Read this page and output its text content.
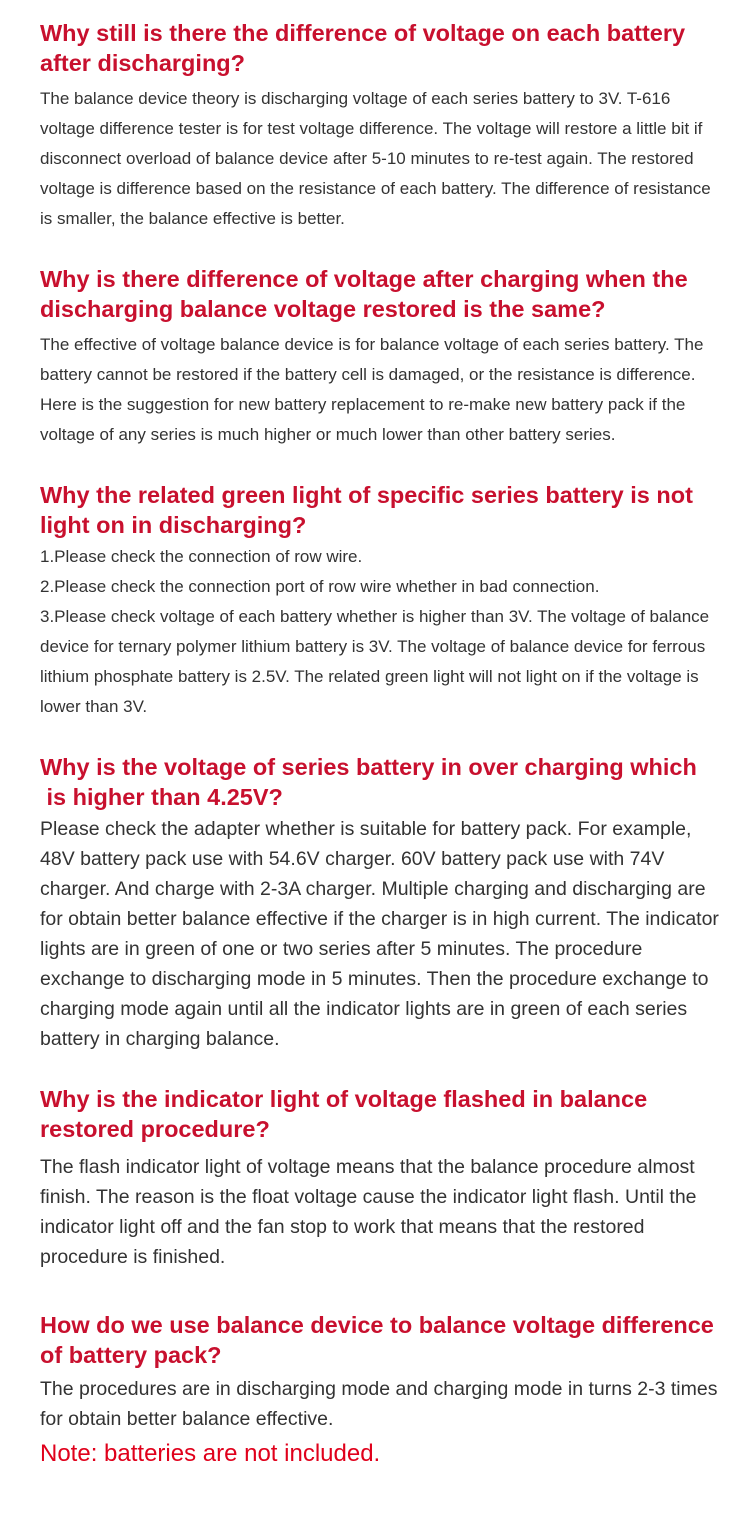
Why still is there the difference of voltage on each battery after discharging?

The balance device theory is discharging voltage of each series battery to 3V. T-616 voltage difference tester is for test voltage difference. The voltage will restore a little bit if disconnect overload of balance device after 5-10 minutes to re-test again. The restored voltage is difference based on the resistance of each battery. The difference of resistance is smaller, the balance effective is better.

Why is there difference of voltage after charging when the discharging balance voltage restored is the same?

The effective of voltage balance device is for balance voltage of each series battery. The battery cannot be restored if the battery cell is damaged, or the resistance is difference. Here is the suggestion for new battery replacement to re-make new battery pack if the voltage of any series is much higher or much lower than other battery series.

Why the related green light of specific series battery is not light on in discharging?
1.Please check the connection of row wire.
2.Please check the connection port of row wire whether in bad connection.
3.Please check voltage of each battery whether is higher than 3V. The voltage of balance device for ternary polymer lithium battery is 3V. The voltage of balance device for ferrous lithium phosphate battery is 2.5V. The related green light will not light on if the voltage is lower than 3V.
Why is the voltage of series battery in over charging which
is higher than 4.25V?

Please check the adapter whether is suitable for battery pack. For example, 48V battery pack use with 54.6V charger. 60V battery pack use with 74V charger. And charge with 2-3A charger. Multiple charging and discharging are for obtain better balance effective if the charger is in high current. The indicator lights are in green of one or two series after 5 minutes. The procedure exchange to discharging mode in 5 minutes. Then the procedure exchange to charging mode again until all the indicator lights are in green of each series battery in charging balance.

Why is the indicator light of voltage flashed in balance restored procedure?

The flash indicator light of voltage means that the balance procedure almost finish. The reason is the float voltage cause the indicator light flash. Until the indicator light off and the fan stop to work that means that the restored procedure is finished.

How do we use balance device to balance voltage difference of battery pack?

The procedures are in discharging mode and charging mode in turns 2-3 times for obtain better balance effective.

Note: batteries are not included.
